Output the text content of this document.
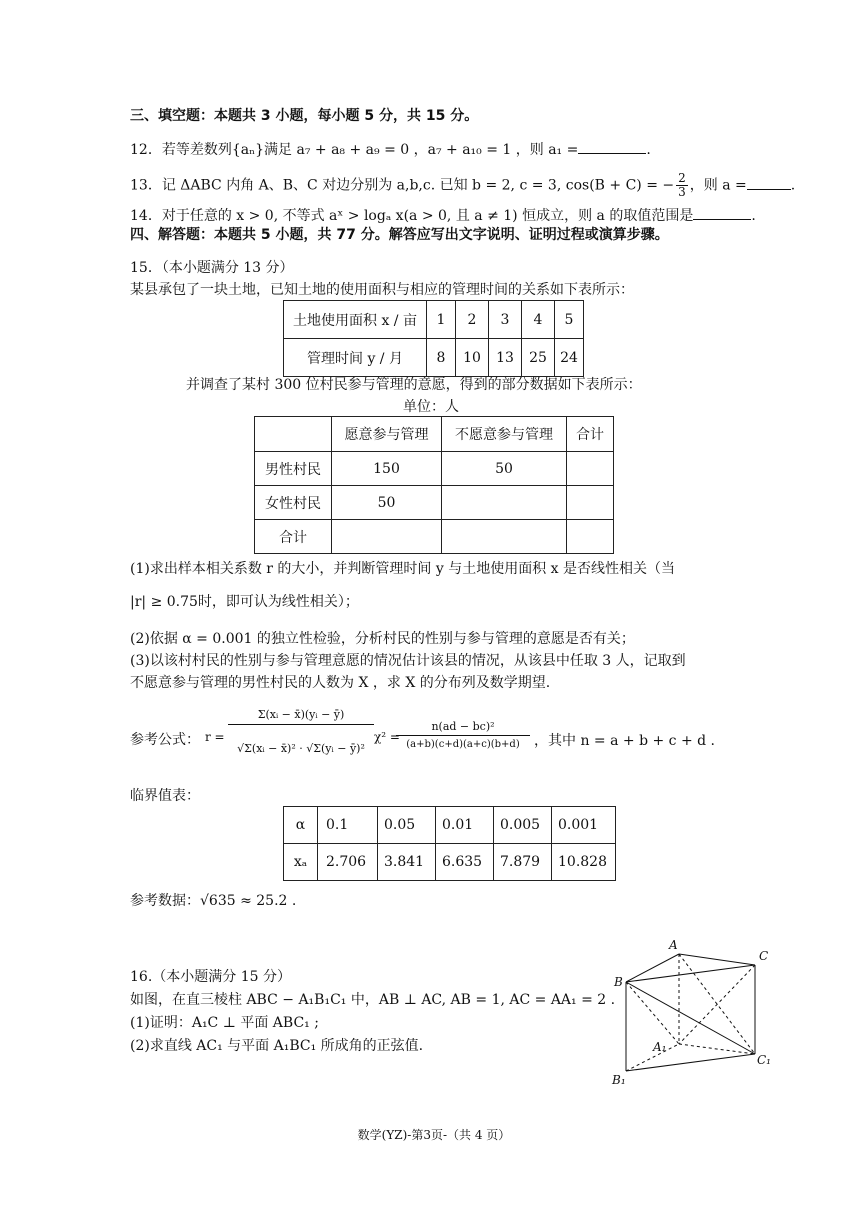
三、填空题：本题共 3 小题，每小题 5 分，共 15 分。
12．若等差数列{aₙ}满足 a₇ + a₈ + a₉ = 0 ，a₇ + a₁₀ = 1 ，则 a₁ =	.
13．记 ΔABC 内角 A、B、C 对边分别为 a,b,c. 已知 b = 2, c = 3, cos(B + C) = − $\frac{2}{3}$ ，则 a =	.
14．对于任意的 x > 0, 不等式 aˣ > logₐ x(a > 0, 且 a ≠ 1) 恒成立，则 a 的取值范围是	.
四、解答题：本题共 5 小题，共 77 分。解答应写出文字说明、证明过程或演算步骤。
15．（本小题满分 13 分）
某县承包了一块土地，已知土地的使用面积与相应的管理时间的关系如下表所示：
土地使用面积 x / 亩	1	2	3	4	5
管理时间 y / 月	8	10	13	25	24
并调查了某村 300 位村民参与管理的意愿，得到的部分数据如下表所示：
单位：人
	愿意参与管理	不愿意参与管理	合计
男性村民	150	50	
女性村民	50		
合计			
(1)求出样本相关系数 r 的大小，并判断管理时间 y 与土地使用面积 x 是否线性相关（当
|r| ≥ 0.75时，即可认为线性相关）；
(2)依据 α = 0.001 的独立性检验，分析村民的性别与参与管理的意愿是否有关；
(3)以该村村民的性别与参与管理意愿的情况估计该县的情况，从该县中任取 3 人，记取到
不愿意参与管理的男性村民的人数为 X ，求 X 的分布列及数学期望.
参考公式： r =
Σ(xᵢ − x̄)(yᵢ − ȳ)
√Σ(xᵢ − x̄)² · √Σ(yᵢ − ȳ)²
χ² =
n(ad − bc)²
(a+b)(c+d)(a+c)(b+d)	，其中 n = a + b + c + d .
临界值表：
α	0.1	0.05	0.01	0.005	0.001
xₐ	2.706	3.841	6.635	7.879	10.828
参考数据：√635 ≈ 25.2 .
16.（本小题满分 15 分）
如图，在直三棱柱 ABC − A₁B₁C₁ 中，AB ⊥ AC, AB = 1, AC = AA₁ = 2 .
(1)证明：A₁C ⊥ 平面 ABC₁ ;
(2)求直线 AC₁ 与平面 A₁BC₁ 所成角的正弦值.
A
B
C
A₁
B₁
C₁
数学(YZ)-第3页-（共 4 页）
